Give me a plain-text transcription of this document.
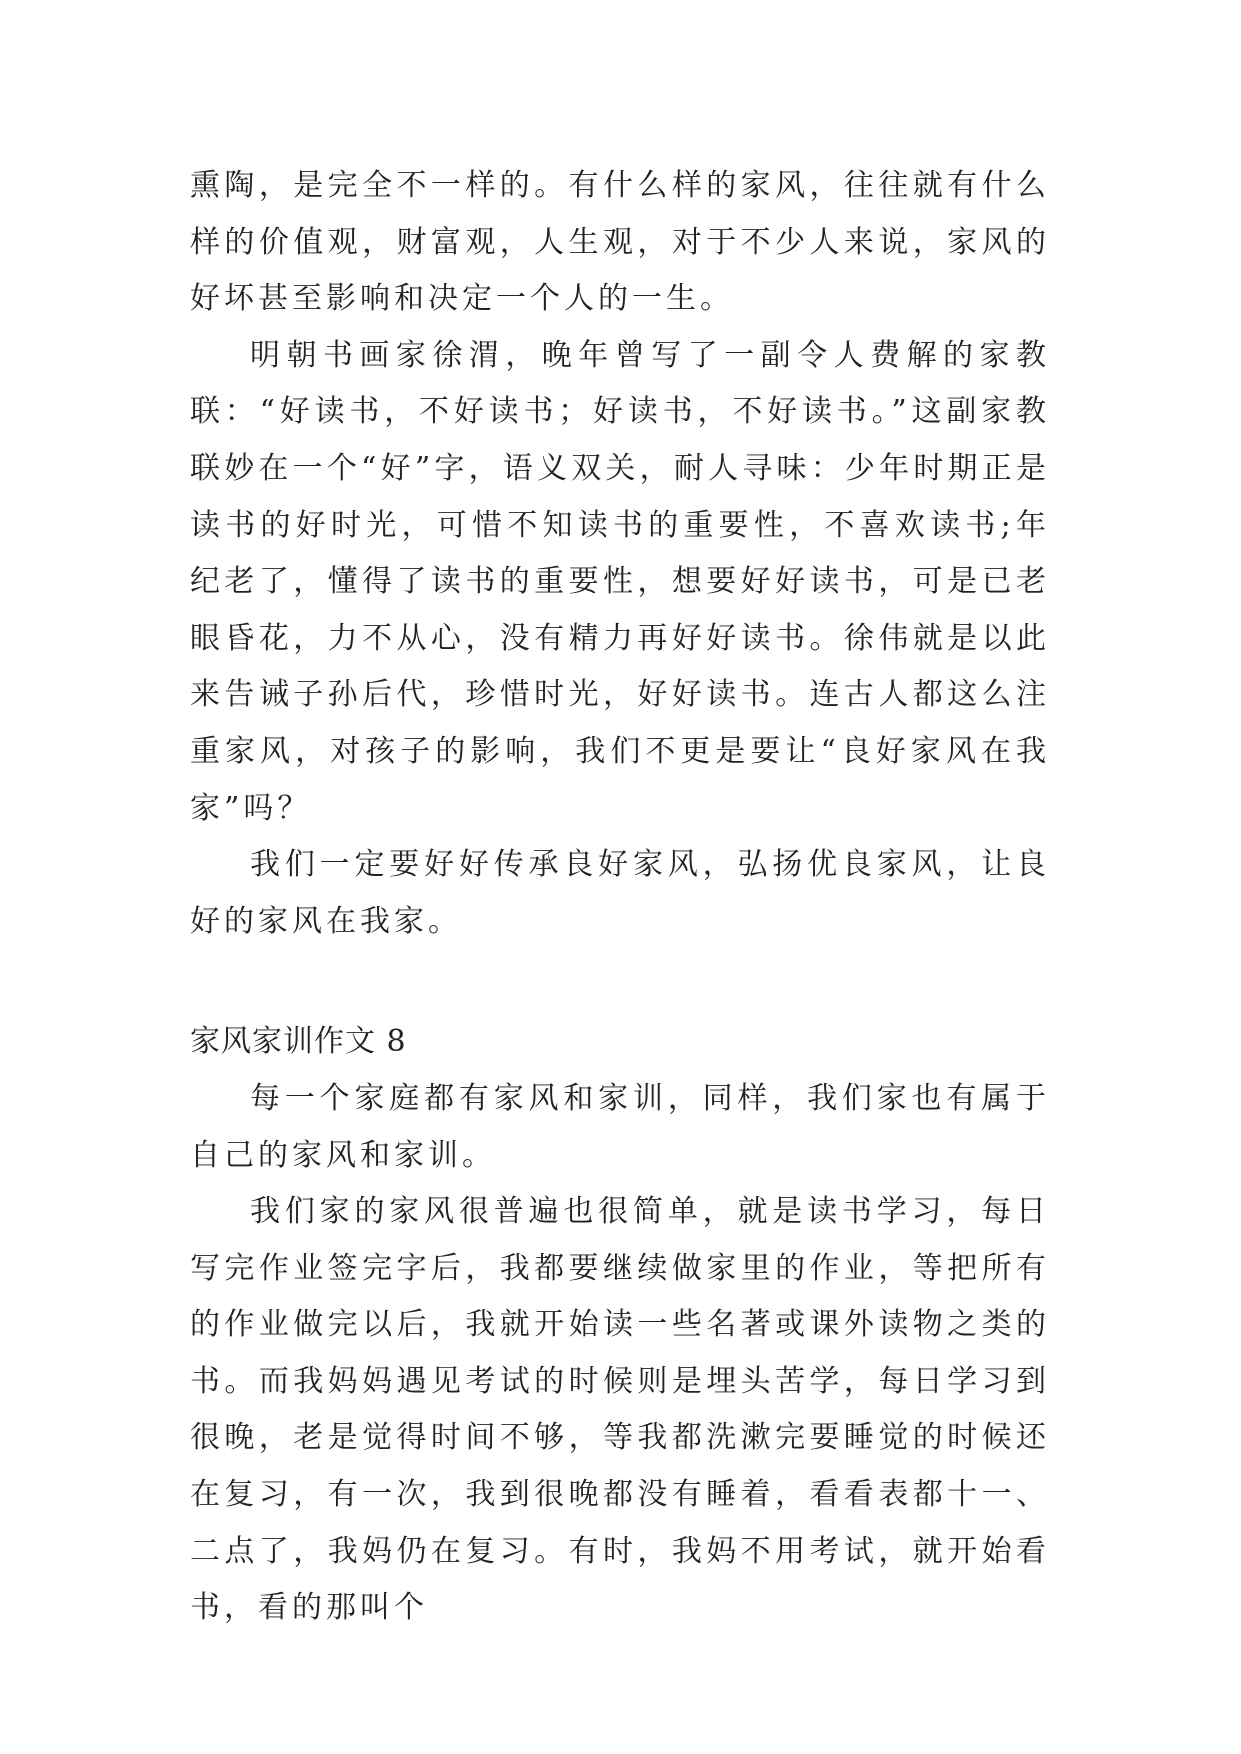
熏陶，是完全不一样的。有什么样的家风，往往就有什么样的价值观，财富观，人生观，对于不少人来说，家风的好坏甚至影响和决定一个人的一生。

明朝书画家徐渭，晚年曾写了一副令人费解的家教联：“好读书，不好读书；好读书，不好读书。”这副家教联妙在一个“好”字，语义双关，耐人寻味：少年时期正是读书的好时光，可惜不知读书的重要性，不喜欢读书;年纪老了，懂得了读书的重要性，想要好好读书，可是已老眼昏花，力不从心，没有精力再好好读书。徐伟就是以此来告诫子孙后代，珍惜时光，好好读书。连古人都这么注重家风，对孩子的影响，我们不更是要让“良好家风在我家”吗？

我们一定要好好传承良好家风，弘扬优良家风，让良好的家风在我家。

家风家训作文 8

每一个家庭都有家风和家训，同样，我们家也有属于自己的家风和家训。

我们家的家风很普遍也很简单，就是读书学习，每日写完作业签完字后，我都要继续做家里的作业，等把所有的作业做完以后，我就开始读一些名著或课外读物之类的书。而我妈妈遇见考试的时候则是埋头苦学，每日学习到很晚，老是觉得时间不够，等我都洗漱完要睡觉的时候还在复习，有一次，我到很晚都没有睡着，看看表都十一、二点了，我妈仍在复习。有时，我妈不用考试，就开始看书，看的那叫个
